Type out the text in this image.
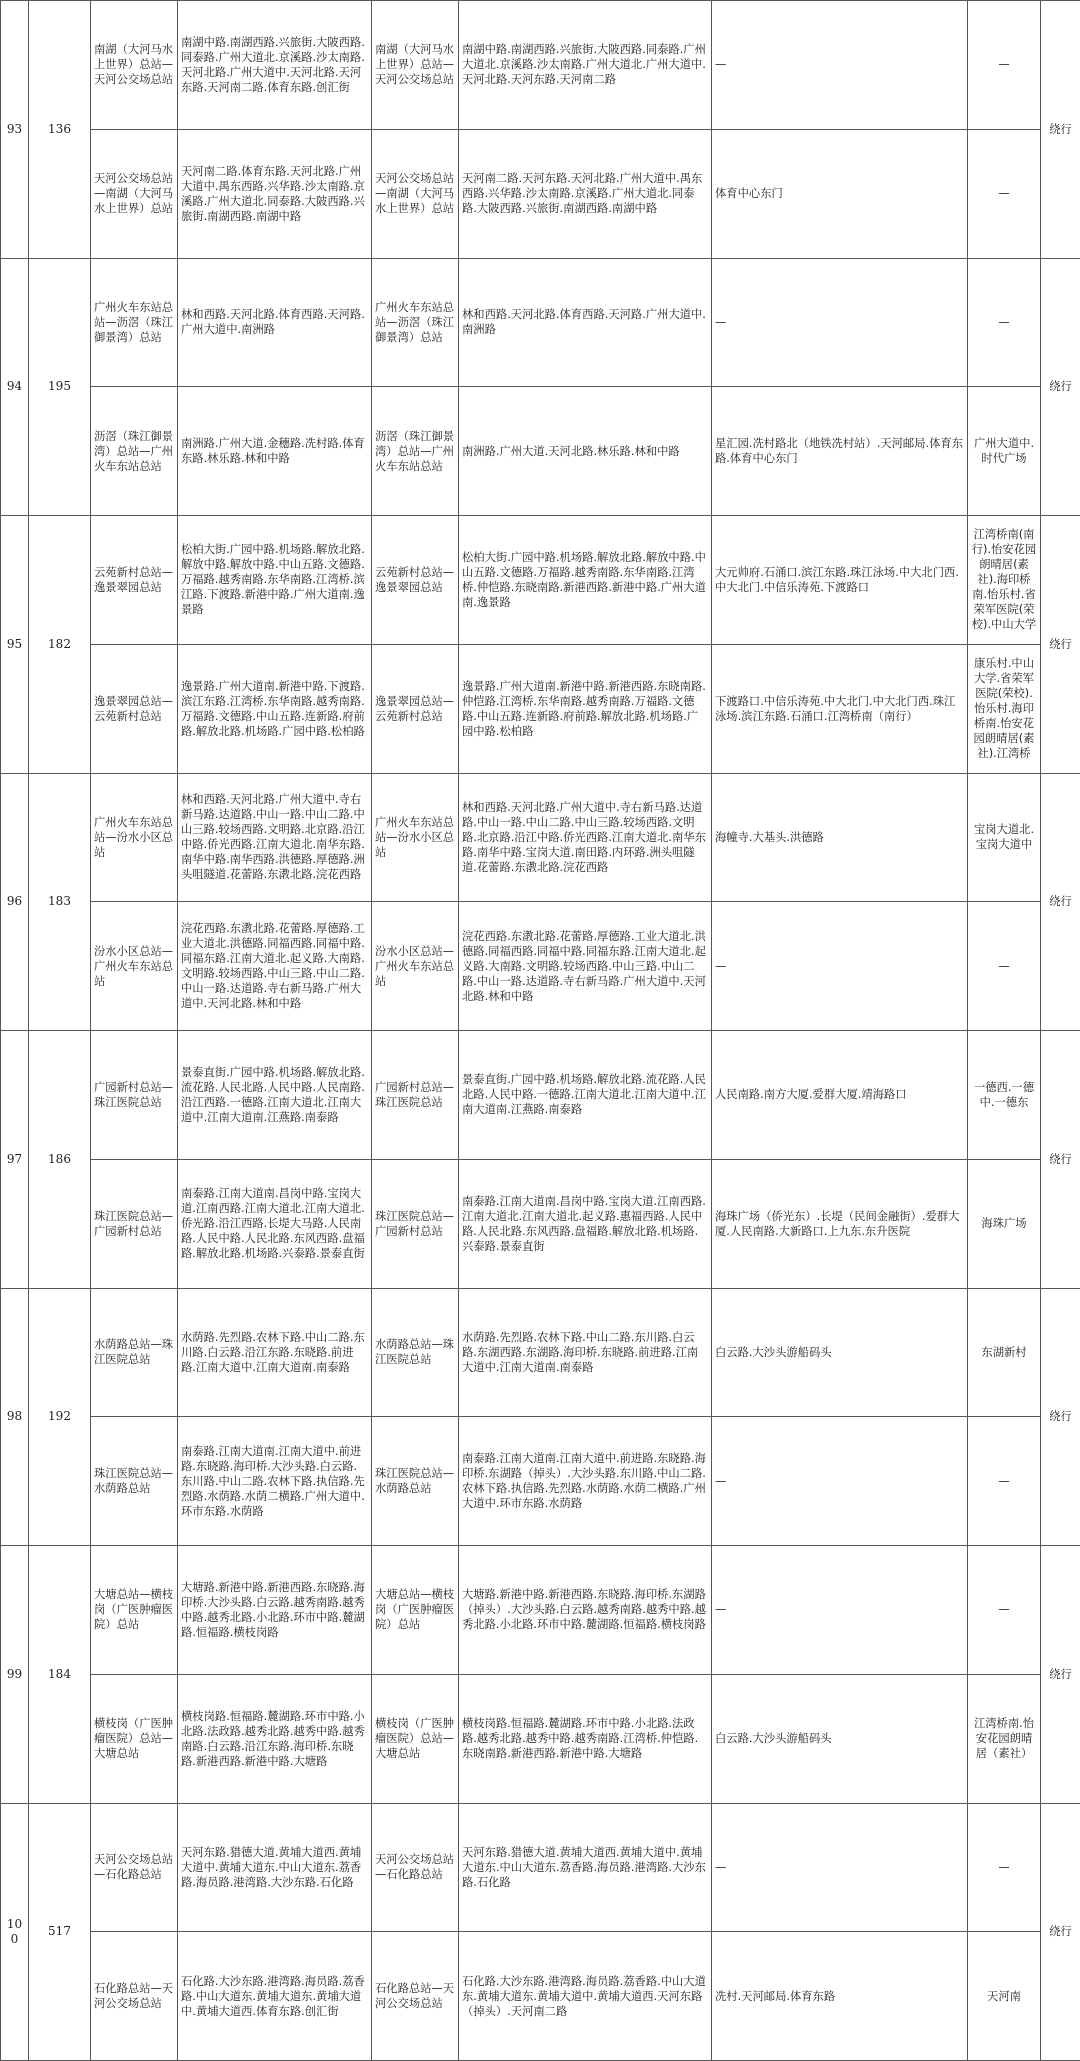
93	136	南湖（大河马水上世界）总站—天河公交场总站	南湖中路.南湖西路.兴旅街.大陂西路.同泰路.广州大道北.京溪路.沙太南路.天河北路.广州大道中.天河北路.天河东路.天河南二路.体育东路.创汇街	南湖（大河马水上世界）总站—天河公交场总站	南湖中路.南湖西路.兴旅街.大陂西路.同泰路.广州大道北.京溪路.沙太南路.广州大道北.广州大道中.天河北路.天河东路.天河南二路	—	—	绕行
		天河公交场总站—南湖（大河马水上世界）总站	天河南二路.体育东路.天河北路.广州大道中.禺东西路.兴华路.沙太南路.京溪路.广州大道北.同泰路.大陂西路.兴旅街.南湖西路.南湖中路	天河公交场总站—南湖（大河马水上世界）总站	天河南二路.天河东路.天河北路.广州大道中.禺东西路.兴华路.沙太南路.京溪路.广州大道北.同泰路.大陂西路.兴旅街.南湖西路.南湖中路	体育中心东门	—	
94	195	广州火车东站总站—沥滘（珠江御景湾）总站	林和西路.天河北路.体育西路.天河路.广州大道中.南洲路	广州火车东站总站—沥滘（珠江御景湾）总站	林和西路.天河北路.体育西路.天河路.广州大道中.南洲路	—	—	绕行
		沥滘（珠江御景湾）总站—广州火车东站总站	南洲路.广州大道.金穗路.冼村路.体育东路.林乐路.林和中路	沥滘（珠江御景湾）总站—广州火车东站总站	南洲路.广州大道.天河北路.林乐路.林和中路	星汇园.冼村路北（地铁冼村站）.天河邮局.体育东路.体育中心东门	广州大道中.时代广场	
95	182	云苑新村总站—逸景翠园总站	松柏大街.广园中路.机场路.解放北路.解放中路.解放中路.中山五路.文德路.万福路.越秀南路.东华南路.江湾桥.滨江路.下渡路.新港中路.广州大道南.逸景路	云苑新村总站—逸景翠园总站	松柏大街.广园中路.机场路.解放北路.解放中路.中山五路.文德路.万福路.越秀南路.东华南路.江湾桥.仲恺路.东晓南路.新港西路.新港中路.广州大道南.逸景路	大元帅府.石涌口.滨江东路.珠江泳场.中大北门西.中大北门.中信乐涛苑.下渡路口	江湾桥南(南行).怡安花园朗晴居(素社).海印桥南.怡乐村.省荣军医院(荣校).中山大学	绕行
		逸景翠园总站—云苑新村总站	逸景路.广州大道南.新港中路.下渡路.滨江东路.江湾桥.东华南路.越秀南路.万福路.文德路.中山五路.连新路.府前路.解放北路.机场路.广园中路.松柏路	逸景翠园总站—云苑新村总站	逸景路.广州大道南.新港中路.新港西路.东晓南路.仲恺路.江湾桥.东华南路.越秀南路.万福路.文德路.中山五路.连新路.府前路.解放北路.机场路.广园中路.松柏路	下渡路口.中信乐涛苑.中大北门.中大北门西.珠江泳场.滨江东路.石涌口.江湾桥南（南行）	康乐村.中山大学.省荣军医院(荣校).怡乐村.海印桥南.怡安花园朗晴居(素社).江湾桥	
96	183	广州火车东站总站—汾水小区总站	林和西路.天河北路.广州大道中.寺右新马路.达道路.中山一路.中山二路.中山三路.较场西路.文明路.北京路.沿江中路.侨光西路.江南大道北.南华东路.南华中路.南华西路.洪德路.厚德路.洲头咀隧道.花蕾路.东漖北路.浣花西路	广州火车东站总站—汾水小区总站	林和西路.天河北路.广州大道中.寺右新马路.达道路.中山一路.中山二路.中山三路.较场西路.文明路.北京路.沿江中路.侨光西路.江南大道北.南华东路.南华中路.宝岗大道.南田路.内环路.洲头咀隧道.花蕾路.东漖北路.浣花西路	海幢寺.大基头.洪德路	宝岗大道北.宝岗大道中	绕行
		汾水小区总站—广州火车东站总站	浣花西路.东漖北路.花蕾路.厚德路.工业大道北.洪德路.同福西路.同福中路.同福东路.江南大道北.起义路.大南路.文明路.较场西路.中山三路.中山二路.中山一路.达道路.寺右新马路.广州大道中.天河北路.林和中路	汾水小区总站—广州火车东站总站	浣花西路.东漖北路.花蕾路.厚德路.工业大道北.洪德路.同福西路.同福中路.同福东路.江南大道北.起义路.大南路.文明路.较场西路.中山三路.中山二路.中山一路.达道路.寺右新马路.广州大道中.天河北路.林和中路	—	—	
97	186	广园新村总站—珠江医院总站	景泰直街.广园中路.机场路.解放北路.流花路.人民北路.人民中路.人民南路.沿江西路.一德路.江南大道北.江南大道中.江南大道南.江燕路.南泰路	广园新村总站—珠江医院总站	景泰直街.广园中路.机场路.解放北路.流花路.人民北路.人民中路.一德路.江南大道北.江南大道中.江南大道南.江燕路.南泰路	人民南路.南方大厦.爱群大厦.靖海路口	一德西.一德中.一德东	绕行
		珠江医院总站—广园新村总站	南泰路.江南大道南.昌岗中路.宝岗大道.江南西路.江南大道北.江南大道北.侨光路.沿江西路.长堤大马路.人民南路.人民中路.人民北路.东风西路.盘福路.解放北路.机场路.兴泰路.景泰直街	珠江医院总站—广园新村总站	南泰路.江南大道南.昌岗中路.宝岗大道.江南西路.江南大道北.江南大道北.起义路.惠福西路.人民中路.人民北路.东风西路.盘福路.解放北路.机场路.兴泰路.景泰直街	海珠广场（侨光东）.长堤（民间金融街）.爱群大厦.人民南路.大新路口.上九东.东升医院	海珠广场	
98	192	水荫路总站—珠江医院总站	水荫路.先烈路.农林下路.中山二路.东川路.白云路.沿江东路.东晓路.前进路.江南大道中.江南大道南.南泰路	水荫路总站—珠江医院总站	水荫路.先烈路.农林下路.中山二路.东川路.白云路.东湖西路.东湖路.海印桥.东晓路.前进路.江南大道中.江南大道南.南泰路	白云路.大沙头游船码头	东湖新村	绕行
		珠江医院总站—水荫路总站	南泰路.江南大道南.江南大道中.前进路.东晓路.海印桥.大沙头路.白云路.东川路.中山二路.农林下路.执信路.先烈路.水荫路.水荫二横路.广州大道中.环市东路.水荫路	珠江医院总站—水荫路总站	南泰路.江南大道南.江南大道中.前进路.东晓路.海印桥.东湖路（掉头）.大沙头路.东川路.中山二路.农林下路.执信路.先烈路.水荫路.水荫二横路.广州大道中.环市东路.水荫路	—	—	
99	184	大塘总站—横枝岗（广医肿瘤医院）总站	大塘路.新港中路.新港西路.东晓路.海印桥.大沙头路.白云路.越秀南路.越秀中路.越秀北路.小北路.环市中路.麓湖路.恒福路.横枝岗路	大塘总站—横枝岗（广医肿瘤医院）总站	大塘路.新港中路.新港西路.东晓路.海印桥.东湖路（掉头）.大沙头路.白云路.越秀南路.越秀中路.越秀北路.小北路.环市中路.麓湖路.恒福路.横枝岗路	—	—	绕行
		横枝岗（广医肿瘤医院）总站—大塘总站	横枝岗路.恒福路.麓湖路.环市中路.小北路.法政路.越秀北路.越秀中路.越秀南路.白云路.沿江东路.海印桥.东晓路.新港西路.新港中路.大塘路	横枝岗（广医肿瘤医院）总站—大塘总站	横枝岗路.恒福路.麓湖路.环市中路.小北路.法政路.越秀北路.越秀中路.越秀南路.江湾桥.仲恺路.东晓南路.新港西路.新港中路.大塘路	白云路.大沙头游船码头	江湾桥南.怡安花园朗晴居（素社）	
100	517	天河公交场总站—石化路总站	天河东路.猎德大道.黄埔大道西.黄埔大道中.黄埔大道东.中山大道东.荔香路.海员路.港湾路.大沙东路.石化路	天河公交场总站—石化路总站	天河东路.猎德大道.黄埔大道西.黄埔大道中.黄埔大道东.中山大道东.荔香路.海员路.港湾路.大沙东路.石化路	—	—	绕行
		石化路总站—天河公交场总站	石化路.大沙东路.港湾路.海员路.荔香路.中山大道东.黄埔大道东.黄埔大道中.黄埔大道西.体育东路.创汇街	石化路总站—天河公交场总站	石化路.大沙东路.港湾路.海员路.荔香路.中山大道东.黄埔大道东.黄埔大道中.黄埔大道西.天河东路（掉头）.天河南二路	冼村.天河邮局.体育东路	天河南	
